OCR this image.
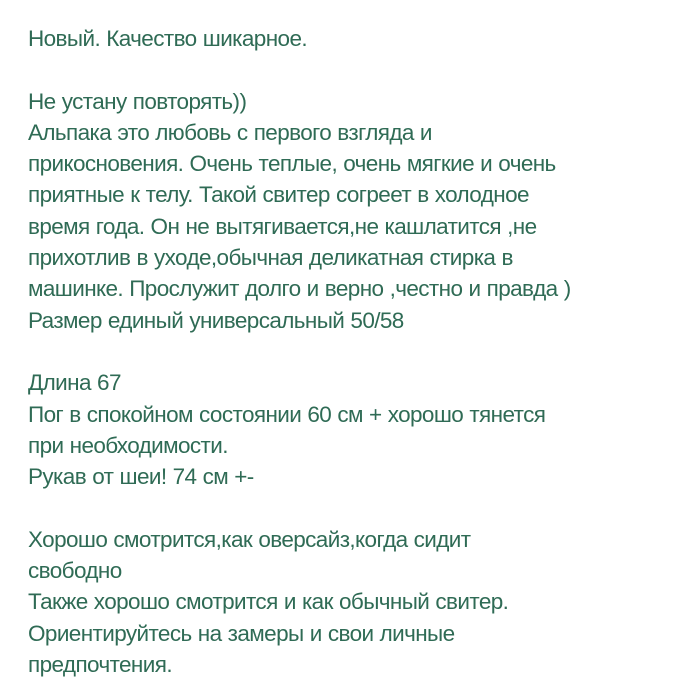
Новый. Качество шикарное.
Не устану повторять))
Альпака это любовь с первого взгляда и
прикосновения. Очень теплые, очень мягкие и очень
приятные к телу. Такой свитер согреет в холодное
время года. Он не вытягивается,не кашлатится ,не
прихотлив в уходе,обычная деликатная стирка в
машинке. Прослужит долго и верно ,честно и правда )
Размер единый универсальный 50/58
Длина 67
Пог в спокойном состоянии 60 см + хорошо тянется
при необходимости.
Рукав от шеи! 74 см +-
Хорошо смотрится,как оверсайз,когда сидит
свободно
Также хорошо смотрится и как обычный свитер.
Ориентируйтесь на замеры и свои личные
предпочтения.
